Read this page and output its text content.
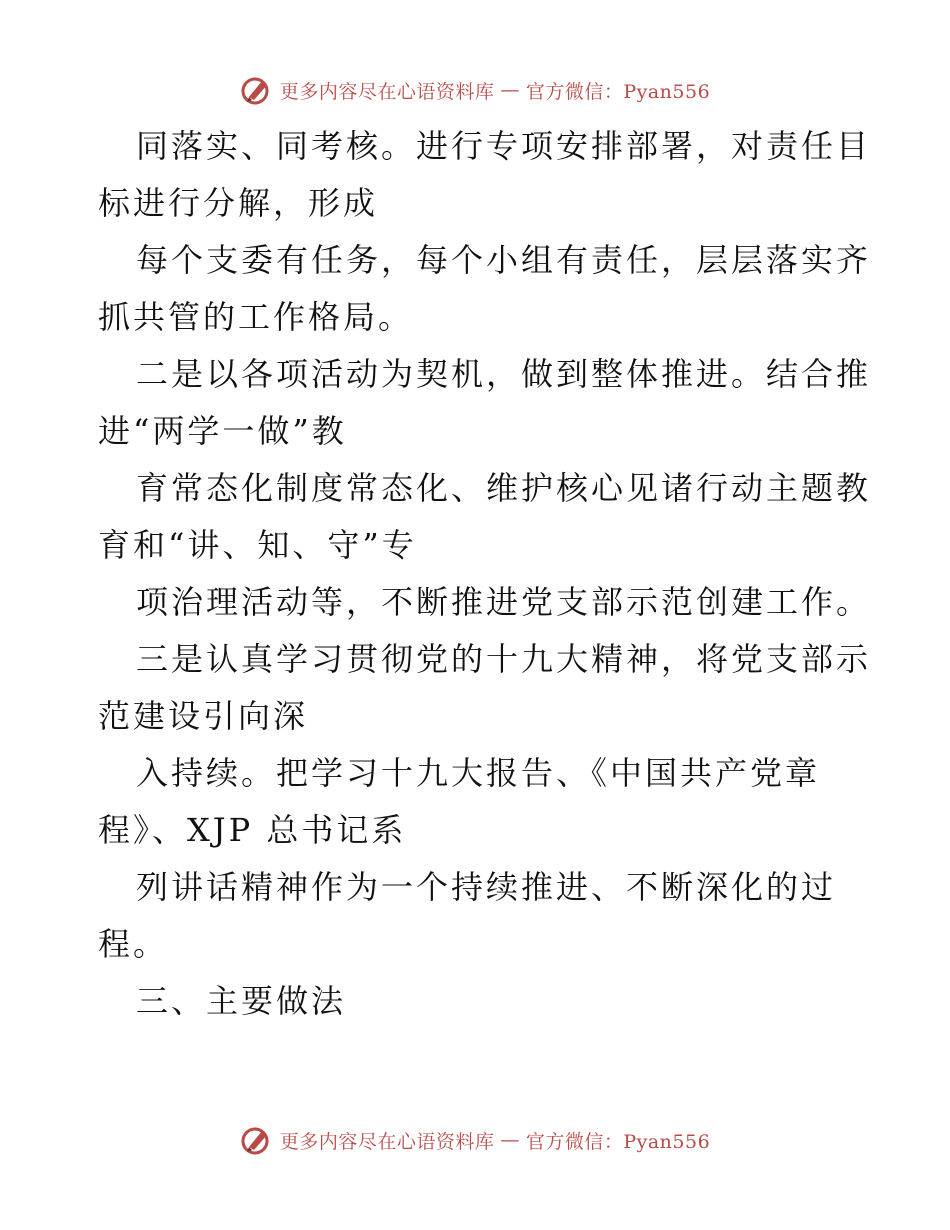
更多内容尽在心语资料库 — 官方微信：Pyan556
同落实、同考核。进行专项安排部署，对责任目
标进行分解，形成
每个支委有任务，每个小组有责任，层层落实齐
抓共管的工作格局。
二是以各项活动为契机，做到整体推进。结合推
进“两学一做”教
育常态化制度常态化、维护核心见诸行动主题教
育和“讲、知、守”专
项治理活动等，不断推进党支部示范创建工作。
三是认真学习贯彻党的十九大精神，将党支部示
范建设引向深
入持续。把学习十九大报告、《中国共产党章
程》、XJP 总书记系
列讲话精神作为一个持续推进、不断深化的过
程。
三、主要做法
更多内容尽在心语资料库 — 官方微信：Pyan556
